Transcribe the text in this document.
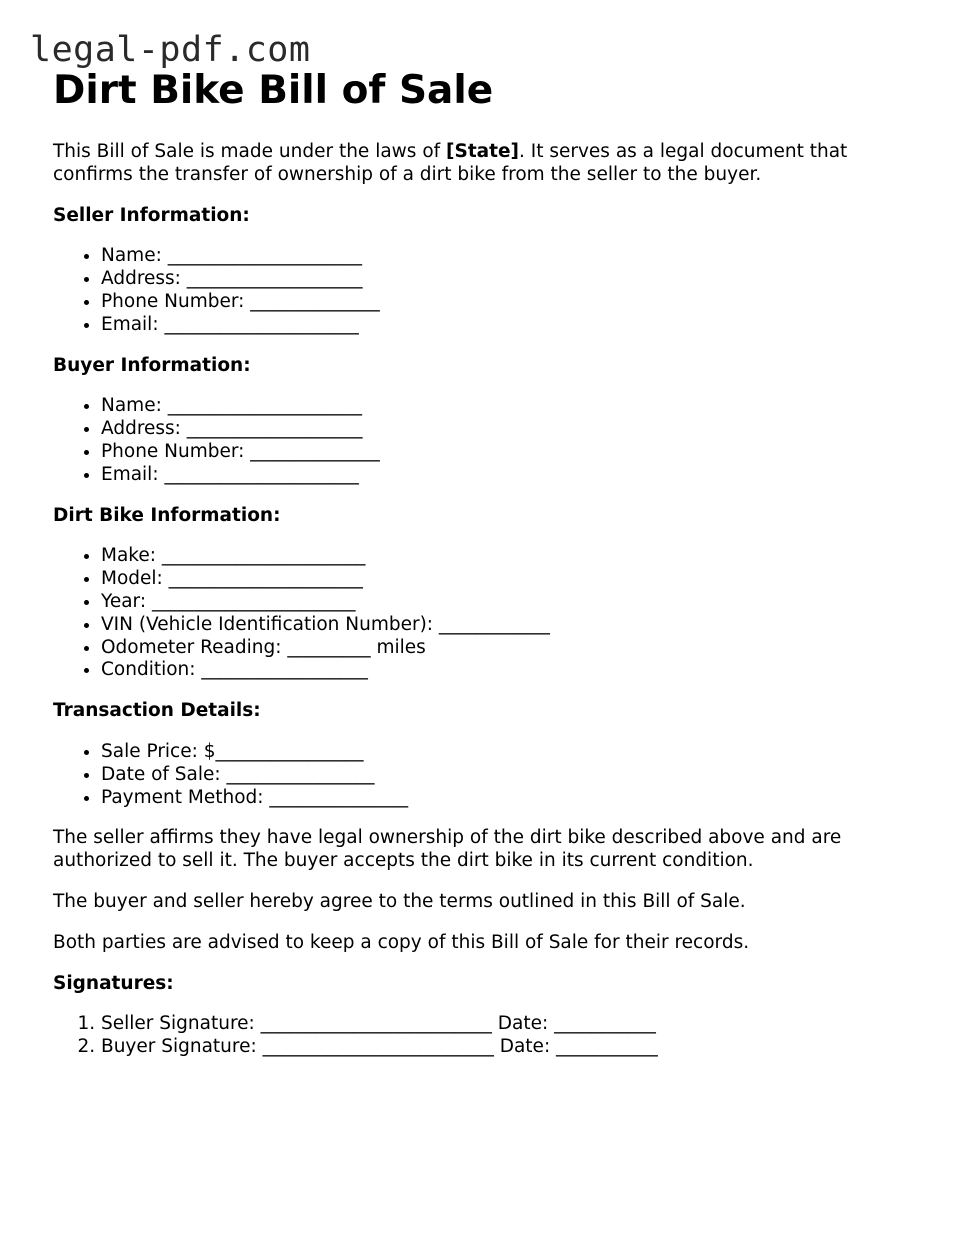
legal-pdf.com
Dirt Bike Bill of Sale

This Bill of Sale is made under the laws of [State]. It serves as a legal document that confirms the transfer of ownership of a dirt bike from the seller to the buyer.

Seller Information:

• Name: _____________________
• Address: ___________________
• Phone Number: ______________
• Email: _____________________

Buyer Information:

• Name: _____________________
• Address: ___________________
• Phone Number: ______________
• Email: _____________________

Dirt Bike Information:

• Make: ______________________
• Model: _____________________
• Year: ______________________
• VIN (Vehicle Identification Number): ____________
• Odometer Reading: _________ miles
• Condition: __________________

Transaction Details:

• Sale Price: $________________
• Date of Sale: ________________
• Payment Method: _______________

The seller affirms they have legal ownership of the dirt bike described above and are authorized to sell it. The buyer accepts the dirt bike in its current condition.

The buyer and seller hereby agree to the terms outlined in this Bill of Sale.

Both parties are advised to keep a copy of this Bill of Sale for their records.

Signatures:

1. Seller Signature: _________________________ Date: ___________
2. Buyer Signature: _________________________ Date: ___________
